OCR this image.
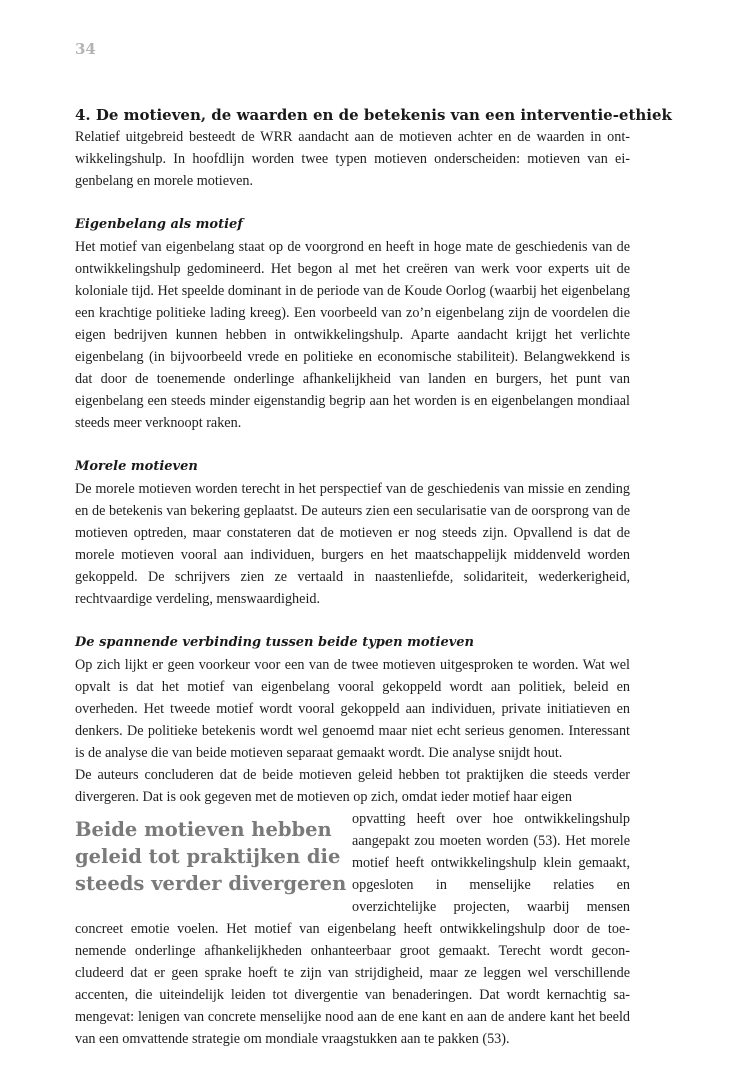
34

4. De motieven, de waarden en de betekenis van een interventie-ethiek

Relatief uitgebreid besteedt de WRR aandacht aan de motieven achter en de waarden in ontwikkelingshulp. In hoofdlijn worden twee typen motieven onderscheiden: motieven van eigenbelang en morele motieven.

Eigenbelang als motief

Het motief van eigenbelang staat op de voorgrond en heeft in hoge mate de geschiedenis van de ontwikkelingshulp gedomineerd. Het begon al met het creëren van werk voor experts uit de koloniale tijd. Het speelde dominant in de periode van de Koude Oorlog (waarbij het eigenbelang een krachtige politieke lading kreeg). Een voorbeeld van zo’n eigenbelang zijn de voordelen die eigen bedrijven kunnen hebben in ontwikkelingshulp. Aparte aandacht krijgt het verlichte eigenbelang (in bijvoorbeeld vrede en politieke en economische stabiliteit). Belangwekkend is dat door de toenemende onderlinge afhankelijkheid van landen en burgers, het punt van eigenbelang een steeds minder eigenstandig begrip aan het worden is en eigenbelangen mondiaal steeds meer verknoopt raken.

Morele motieven

De morele motieven worden terecht in het perspectief van de geschiedenis van missie en zending en de betekenis van bekering geplaatst. De auteurs zien een secularisatie van de oorsprong van de motieven optreden, maar constateren dat de motieven er nog steeds zijn. Opvallend is dat de morele motieven vooral aan individuen, burgers en het maatschappelijk middenveld worden gekoppeld. De schrijvers zien ze vertaald in naastenliefde, solidariteit, wederkerigheid, rechtvaardige verdeling, menswaardigheid.

De spannende verbinding tussen beide typen motieven

Op zich lijkt er geen voorkeur voor een van de twee motieven uitgesproken te worden. Wat wel opvalt is dat het motief van eigenbelang vooral gekoppeld wordt aan politiek, beleid en overheden. Het tweede motief wordt vooral gekoppeld aan individuen, private initiatieven en denkers. De politieke betekenis wordt wel genoemd maar niet echt serieus genomen. Interessant is de analyse die van beide motieven separaat gemaakt wordt. Die analyse snijdt hout.

De auteurs concluderen dat de beide motieven geleid hebben tot praktijken die steeds verder divergeren. Dat is ook gegeven met de motieven op zich, omdat ieder motief haar eigen

Beide motieven hebben
geleid tot praktijken die
steeds verder divergeren

opvatting heeft over hoe ontwikkelingshulp aangepakt zou moeten worden (53). Het morele motief heeft ontwikkelingshulp klein gemaakt, opgesloten in menselijke relaties en overzichtelijke projecten, waarbij mensen concreet emotie voelen. Het motief van eigenbelang heeft ontwikkelingshulp door de toenemende onderlinge afhankelijkheden onhanteerbaar groot gemaakt. Terecht wordt geconcludeerd dat er geen sprake hoeft te zijn van strijdigheid, maar ze leggen wel verschillende accenten, die uiteindelijk leiden tot divergentie van benaderingen. Dat wordt kernachtig samengevat: lenigen van concrete menselijke nood aan de ene kant en aan de andere kant het beeld van een omvattende strategie om mondiale vraagstukken aan te pakken (53).
